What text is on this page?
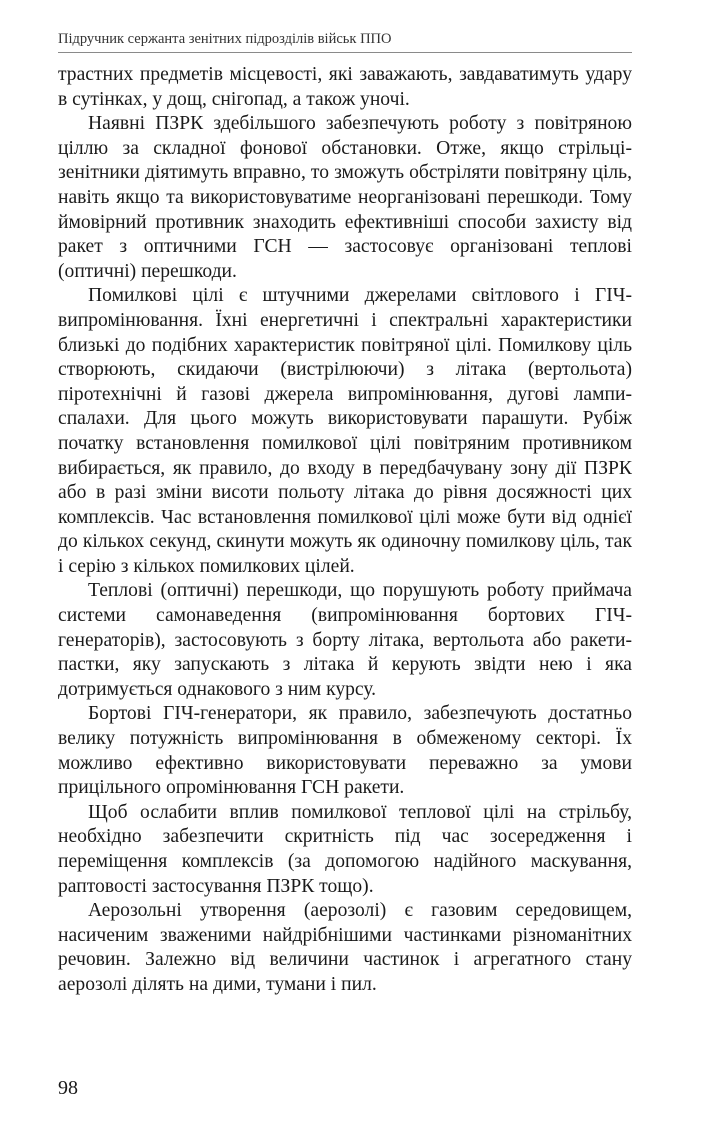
Підручник сержанта зенітних підрозділів військ ППО

трастних предметів місцевості, які заважають, завдаватимуть удару в сутінках, у дощ, снігопад, а також уночі.

Наявні ПЗРК здебільшого забезпечують роботу з повітряною ціллю за складної фонової обстановки. Отже, якщо стрільці-зенітники діятимуть вправно, то зможуть обстріляти повітряну ціль, навіть якщо та використовуватиме неорганізовані перешкоди. Тому ймовірний противник знаходить ефективніші способи захисту від ракет з оптичними ГСН — застосовує організовані теплові (оптичні) перешкоди.

Помилкові цілі є штучними джерелами світлового і ГІЧ-випромінювання. Їхні енергетичні і спектральні характеристики близькі до подібних характеристик повітряної цілі. Помилкову ціль створюють, скидаючи (вистрілюючи) з літака (вертольота) піротехнічні й газові джерела випромінювання, дугові лампи-спалахи. Для цього можуть використовувати парашути. Рубіж початку встановлення помилкової цілі повітряним противником вибирається, як правило, до входу в передбачувану зону дії ПЗРК або в разі зміни висоти польоту літака до рівня досяжності цих комплексів. Час встановлення помилкової цілі може бути від однієї до кількох секунд, скинути можуть як одиночну помилкову ціль, так і серію з кількох помилкових цілей.

Теплові (оптичні) перешкоди, що порушують роботу приймача системи самонаведення (випромінювання бортових ГІЧ-генераторів), застосовують з борту літака, вертольота або ракети-пастки, яку запускають з літака й керують звідти нею і яка дотримується однакового з ним курсу.

Бортові ГІЧ-генератори, як правило, забезпечують достатньо велику потужність випромінювання в обмеженому секторі. Їх можливо ефективно використовувати переважно за умови прицільного опромінювання ГСН ракети.

Щоб ослабити вплив помилкової теплової цілі на стрільбу, необхідно забезпечити скритність під час зосередження і переміщення комплексів (за допомогою надійного маскування, раптовості застосування ПЗРК тощо).

Аерозольні утворення (аерозолі) є газовим середовищем, насиченим зваженими найдрібнішими частинками різноманітних речовин. Залежно від величини частинок і агрегатного стану аерозолі ділять на дими, тумани і пил.

98
